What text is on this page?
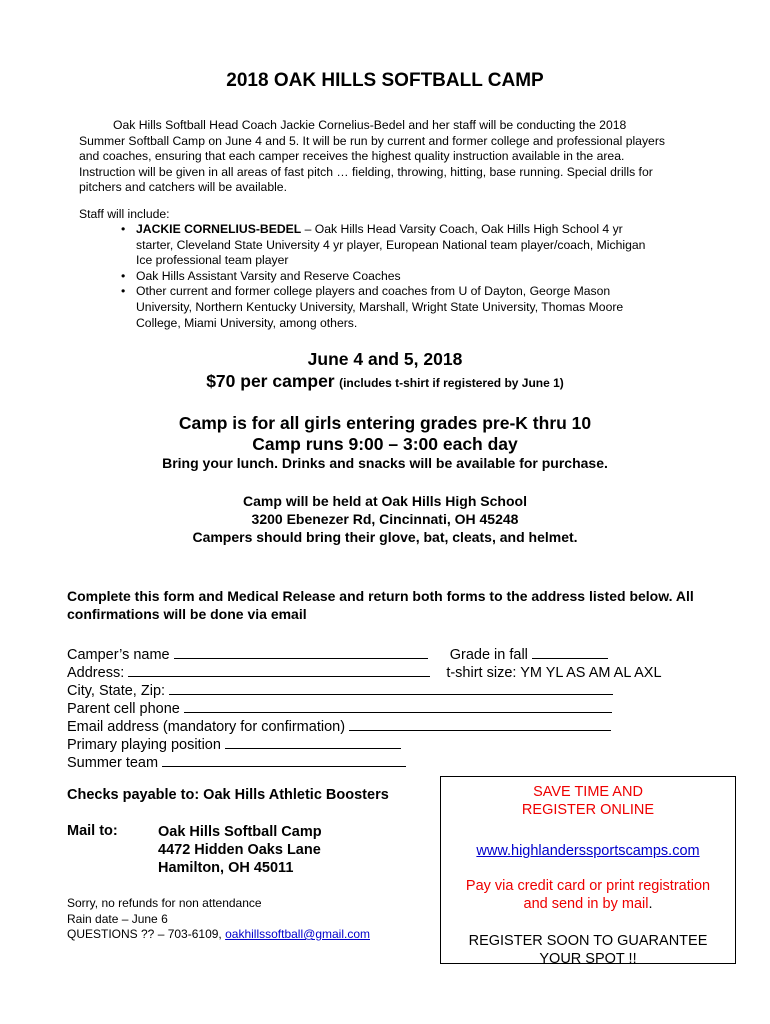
2018 OAK HILLS SOFTBALL CAMP

Oak Hills Softball Head Coach Jackie Cornelius-Bedel and her staff will be conducting the 2018 Summer Softball Camp on June 4 and 5. It will be run by current and former college and professional players and coaches, ensuring that each camper receives the highest quality instruction available in the area. Instruction will be given in all areas of fast pitch … fielding, throwing, hitting, base running. Special drills for pitchers and catchers will be available.

Staff will include:
• JACKIE CORNELIUS-BEDEL – Oak Hills Head Varsity Coach, Oak Hills High School 4 yr starter, Cleveland State University 4 yr player, European National team player/coach, Michigan Ice professional team player
• Oak Hills Assistant Varsity and Reserve Coaches
• Other current and former college players and coaches from U of Dayton, George Mason University, Northern Kentucky University, Marshall, Wright State University, Thomas Moore College, Miami University, among others.
June 4 and 5, 2018
$70 per camper (includes t-shirt if registered by June 1)
Camp is for all girls entering grades pre-K thru 10
Camp runs 9:00 – 3:00 each day
Bring your lunch. Drinks and snacks will be available for purchase.
Camp will be held at Oak Hills High School
3200 Ebenezer Rd, Cincinnati, OH 45248
Campers should bring their glove, bat, cleats, and helmet.
Complete this form and Medical Release and return both forms to the address listed below. All confirmations will be done via email
Camper’s name	Grade in fall
Address:	t-shirt size: YM YL AS AM AL AXL
City, State, Zip:
Parent cell phone
Email address (mandatory for confirmation)
Primary playing position
Summer team
Checks payable to: Oak Hills Athletic Boosters
Mail to:	Oak Hills Softball Camp
4472 Hidden Oaks Lane
Hamilton, OH 45011
Sorry, no refunds for non attendance
Rain date – June 6
QUESTIONS ?? – 703-6109, oakhillssoftball@gmail.com
SAVE TIME AND
REGISTER ONLINE
www.highlanderssportscamps.com
Pay via credit card or print registration
and send in by mail.
REGISTER SOON TO GUARANTEE
YOUR SPOT !!
